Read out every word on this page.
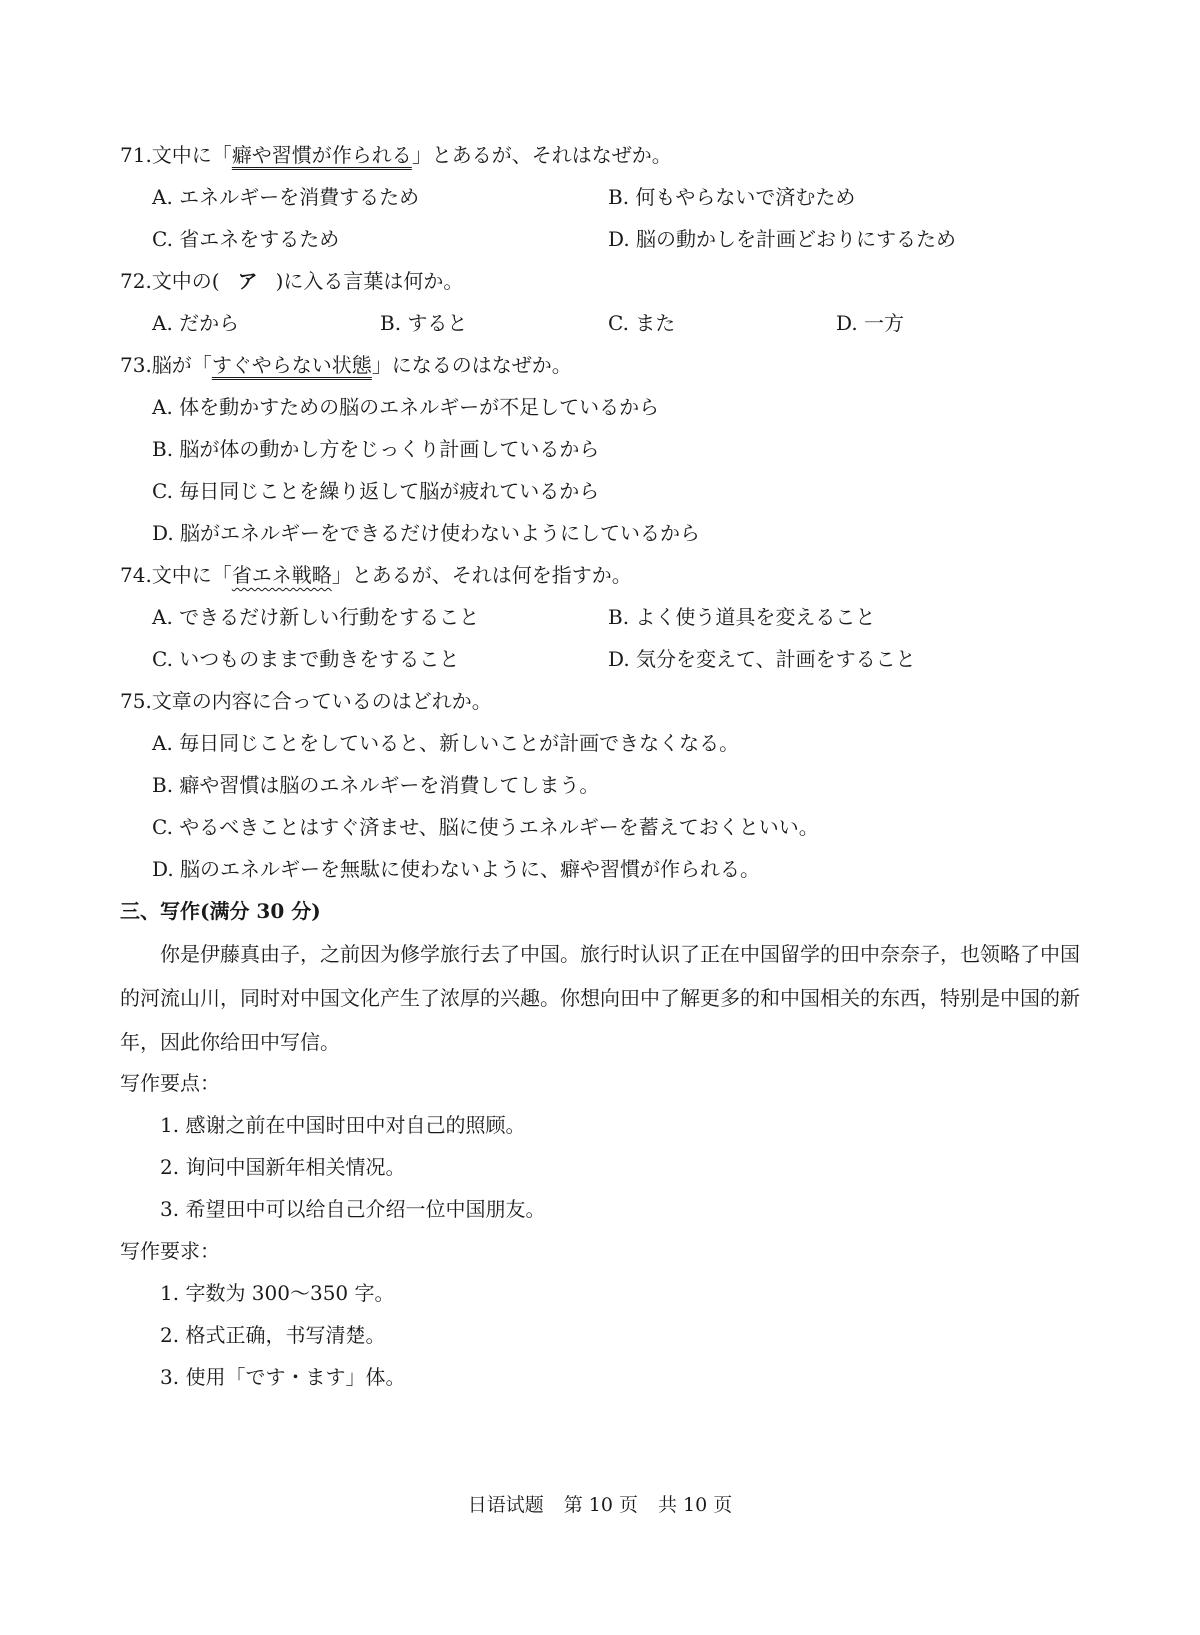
71.文中に「癖や習慣が作られる」とあるが、それはなぜか。
A. エネルギーを消費するため	B. 何もやらないで済むため
C. 省エネをするため	D. 脳の動かしを計画どおりにするため
72.文中の( ア )に入る言葉は何か。
A. だから	B. すると	C. また	D. 一方
73.脳が「すぐやらない状態」になるのはなぜか。
A. 体を動かすための脳のエネルギーが不足しているから
B. 脳が体の動かし方をじっくり計画しているから
C. 毎日同じことを繰り返して脳が疲れているから
D. 脳がエネルギーをできるだけ使わないようにしているから
74.文中に「省エネ戦略」とあるが、それは何を指すか。
A. できるだけ新しい行動をすること	B. よく使う道具を変えること
C. いつものままで動きをすること	D. 気分を変えて、計画をすること
75.文章の内容に合っているのはどれか。
A. 毎日同じことをしていると、新しいことが計画できなくなる。
B. 癖や習慣は脳のエネルギーを消費してしまう。
C. やるべきことはすぐ済ませ、脳に使うエネルギーを蓄えておくといい。
D. 脳のエネルギーを無駄に使わないように、癖や習慣が作られる。
三、写作(满分 30 分)
你是伊藤真由子，之前因为修学旅行去了中国。旅行时认识了正在中国留学的田中奈奈子，也领略了中国的河流山川，同时对中国文化产生了浓厚的兴趣。你想向田中了解更多的和中国相关的东西，特别是中国的新年，因此你给田中写信。
写作要点：
1. 感谢之前在中国时田中对自己的照顾。
2. 询问中国新年相关情况。
3. 希望田中可以给自己介绍一位中国朋友。
写作要求：
1. 字数为 300～350 字。
2. 格式正确，书写清楚。
3. 使用「です・ます」体。
日语试题 第 10 页 共 10 页
